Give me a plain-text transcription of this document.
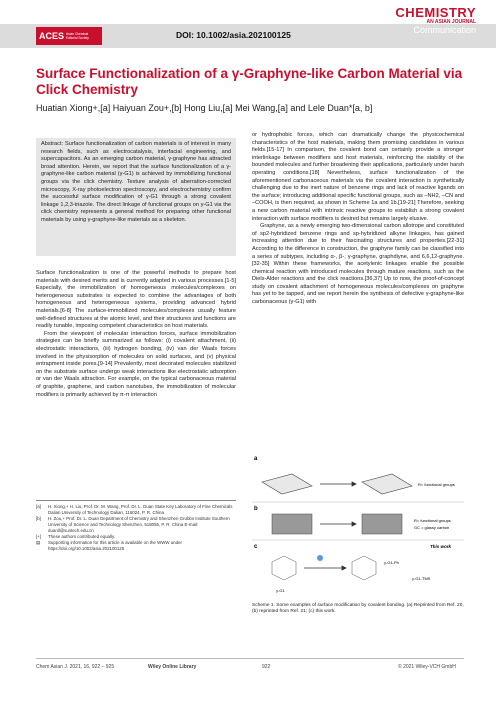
ACES Asian Chemical Editorial Society	DOI: 10.1002/asia.202100125
CHEMISTRY
AN ASIAN JOURNAL
Communication
Surface Functionalization of a γ-Graphyne-like Carbon Material via Click Chemistry
Huatian Xiong+,[a] Haiyuan Zou+,[b] Hong Liu,[a] Mei Wang,[a] and Lele Duan*[a, b]
Abstract: Surface functionalization of carbon materials is of interest in many research fields, such as electrocatalysis, interfacial engineering, and supercapacitors. As an emerging carbon material, γ-graphyne has attracted broad attention. Herein, we report that the surface functionalization of a γ-graphyne-like carbon material (γ-G1) is achieved by immobilizing functional groups via the click chemistry. Texture analysis of aberration-corrected microscopy, X-ray photoelectron spectroscopy, and electrochemistry confirm the successful surface modification of γ-G1 through a strong covalent linkage 1,2,3-triazole. The direct linkage of functional groups on γ-G1 via the click chemistry represents a general method for preparing other functional materials by using γ-graphyne-like materials as a skeleton.

Surface functionalization is one of the powerful methods to prepare host materials with desired merits and is currently adapted in various processes.[1-5] Especially, the immobilization of homogeneous molecules/complexes on heterogeneous substrates is expected to combine the advantages of both homogeneous and heterogeneous systems, providing advanced hybrid materials.[6-8] The surface-immobilized molecules/complexes usually feature well-defined structures at the atomic level, and their structures and functions are readily tunable, imposing competent characteristics on host materials.

From the viewpoint of molecular interaction forces, surface immobilization strategies can be briefly summarized as follows: (i) covalent attachment, (ii) electrostatic interactions, (iii) hydrogen bonding, (iv) van der Waals forces involved in the physisorption of molecules on solid surfaces, and (v) physical entrapment inside pores.[9-14] Prevalently, most decorated molecules stabilized on the substrate surface undergo weak interactions like electrostatic adsorption or van der Waals attraction. For example, on the typical carbonaceous material of graphite, graphene, and carbon nanotubes, the immobilization of molecular modifiers is primarily achieved by π-π interaction

or hydrophobic forces, which can dramatically change the physicochemical characteristics of the host materials, making them promising candidates in various fields.[15-17] In comparison, the covalent bond can certainly provide a stronger interlinkage between modifiers and host materials, reinforcing the stability of the bounded molecules and further broadening their applications, particularly under harsh operating conditions.[18] Nevertheless, surface functionalization of the aforementioned carbonaceous materials via the covalent interaction is synthetically challenging due to the inert nature of benzene rings and lack of reactive ligands on the surface; introducing additional specific functional groups, such as –NH2, –CN and –COOH, is then required, as shown in Scheme 1a and 1b.[19-21] Therefore, seeking a new carbon material with intrinsic reactive groups to establish a strong covalent interaction with surface modifiers is desired but remains largely elusive.

Graphyne, as a newly emerging two-dimensional carbon allotrope and constituted of sp2-hybridized benzene rings and sp-hybridized alkyne linkages, has gained increasing attention due to their fascinating structures and properties.[22-31] According to the difference in construction, the graphyne family can be classified into a series of subtypes, including α-, β-, γ-graphyne, graphdiyne, and 6,6,12-graphyne.[32-35] Within these frameworks, the acetylenic linkages enable the possible chemical reaction with introduced molecules through mature reactions, such as the Diels-Alder reactions and the click reactions.[36,37] Up to now, the proof-of-concept study on covalent attachment of homogeneous molecules/complexes on graphyne has yet to be tapped, and we report herein the synthesis of defective γ-graphyne-like carbonaceous (γ-G1) with

[a]	H. Xiong,+ H. Liu, Prof. Dr. M. Wang, Prof. Dr. L. Duan State Key Laboratory of Fine Chemicals Dalian University of Technology Dalian, 116024, P. R. China
[b]	H. Zou,+ Prof. Dr. L. Duan Department of Chemistry and Shenzhen Grubbs Institute Southern University of Science and Technology Shenzhen, 518055, P. R. China E-mail: duanll@sustech.edu.cn
[+]	These authors contributed equally.
▤	Supporting information for this article is available on the WWW under https://doi.org/10.1002/asia.202100125
a
R= functional groups
b
R= functional groups
GC = glassy carbon
c	This work
γ-G1-Ph
γ-G1-TMS
γ-G1
Scheme 1. Some examples of surface modification by covalent bonding. (a) Reprinted from Ref. 20, (b) reprinted from Ref. 21; (c) this work.
Chem Asian J. 2021, 16, 922 – 925	Wiley Online Library	922	© 2021 Wiley-VCH GmbH
